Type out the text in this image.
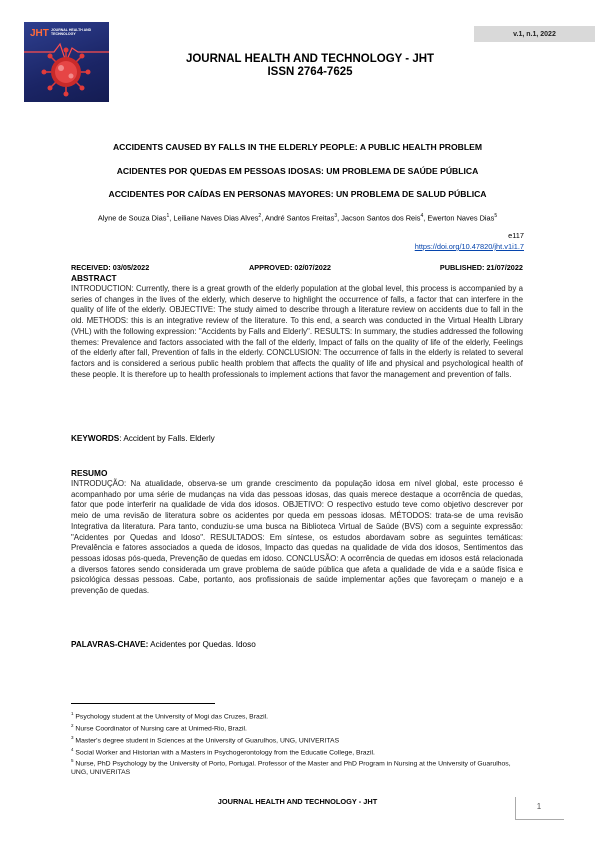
v.1, n.1, 2022
JHT JOURNAL HEALTH AND TECHNOLOGY
JOURNAL HEALTH AND TECHNOLOGY - JHT
ISSN 2764-7625
ACCIDENTS CAUSED BY FALLS IN THE ELDERLY PEOPLE: A PUBLIC HEALTH PROBLEM
ACIDENTES POR QUEDAS EM PESSOAS IDOSAS: UM PROBLEMA DE SAÚDE PÚBLICA
ACCIDENTES POR CAÍDAS EN PERSONAS MAYORES: UN PROBLEMA DE SALUD PÚBLICA
Alyne de Souza Dias$^1$, Leiliane Naves Dias Alves$^2$, André Santos Freitas$^3$, Jacson Santos dos Reis$^4$, Ewerton Naves Dias$^5$
e117
https://doi.org/10.47820/jht.v1i1.7
RECEIVED: 03/05/2022	APPROVED: 02/07/2022	PUBLISHED: 21/07/2022
ABSTRACT
INTRODUCTION: Currently, there is a great growth of the elderly population at the global level, this process is accompanied by a series of changes in the lives of the elderly, which deserve to highlight the occurrence of falls, a factor that can interfere in the quality of life of the elderly. OBJECTIVE: The study aimed to describe through a literature review on accidents due to fall in the old. METHODS: this is an integrative review of the literature. To this end, a search was conducted in the Virtual Health Library (VHL) with the following expression: "Accidents by Falls and Elderly". RESULTS: In summary, the studies addressed the following themes: Prevalence and factors associated with the fall of the elderly, Impact of falls on the quality of life of the elderly, Feelings of the elderly after fall, Prevention of falls in the elderly. CONCLUSION: The occurrence of falls in the elderly is related to several factors and is considered a serious public health problem that affects the quality of life and physical and psychological health of these people. It is therefore up to health professionals to implement actions that favor the management and prevention of falls.
KEYWORDS: Accident by Falls. Elderly
RESUMO
INTRODUÇÃO: Na atualidade, observa-se um grande crescimento da população idosa em nível global, este processo é acompanhado por uma série de mudanças na vida das pessoas idosas, das quais merece destaque a ocorrência de quedas, fator que pode interferir na qualidade de vida dos idosos. OBJETIVO: O respectivo estudo teve como objetivo descrever por meio de uma revisão de literatura sobre os acidentes por queda em pessoas idosas. MÉTODOS: trata-se de uma revisão Integrativa da literatura. Para tanto, conduziu-se uma busca na Biblioteca Virtual de Saúde (BVS) com a seguinte expressão: "Acidentes por Quedas and Idoso". RESULTADOS: Em síntese, os estudos abordavam sobre as seguintes temáticas: Prevalência e fatores associados a queda de idosos, Impacto das quedas na qualidade de vida dos idosos, Sentimentos das pessoas idosas pós-queda, Prevenção de quedas em idoso. CONCLUSÃO: A ocorrência de quedas em idosos está relacionada a diversos fatores sendo considerada um grave problema de saúde pública que afeta a qualidade de vida e a saúde física e psicológica dessas pessoas. Cabe, portanto, aos profissionais de saúde implementar ações que favoreçam o manejo e a prevenção de quedas.
PALAVRAS-CHAVE: Acidentes por Quedas. Idoso
$^1$ Psychology student at the University of Mogi das Cruzes, Brazil.
$^2$ Nurse Coordinator of Nursing care at Unimed-Rio, Brazil.
$^3$ Master's degree student in Sciences at the University of Guarulhos, UNG, UNIVERITAS
$^4$ Social Worker and Historian with a Masters in Psychogerontology from the Educatie College, Brazil.
$^5$ Nurse, PhD Psychology by the University of Porto, Portugal. Professor of the Master and PhD Program in Nursing at the University of Guarulhos, UNG, UNIVERITAS
JOURNAL HEALTH AND TECHNOLOGY - JHT
1
